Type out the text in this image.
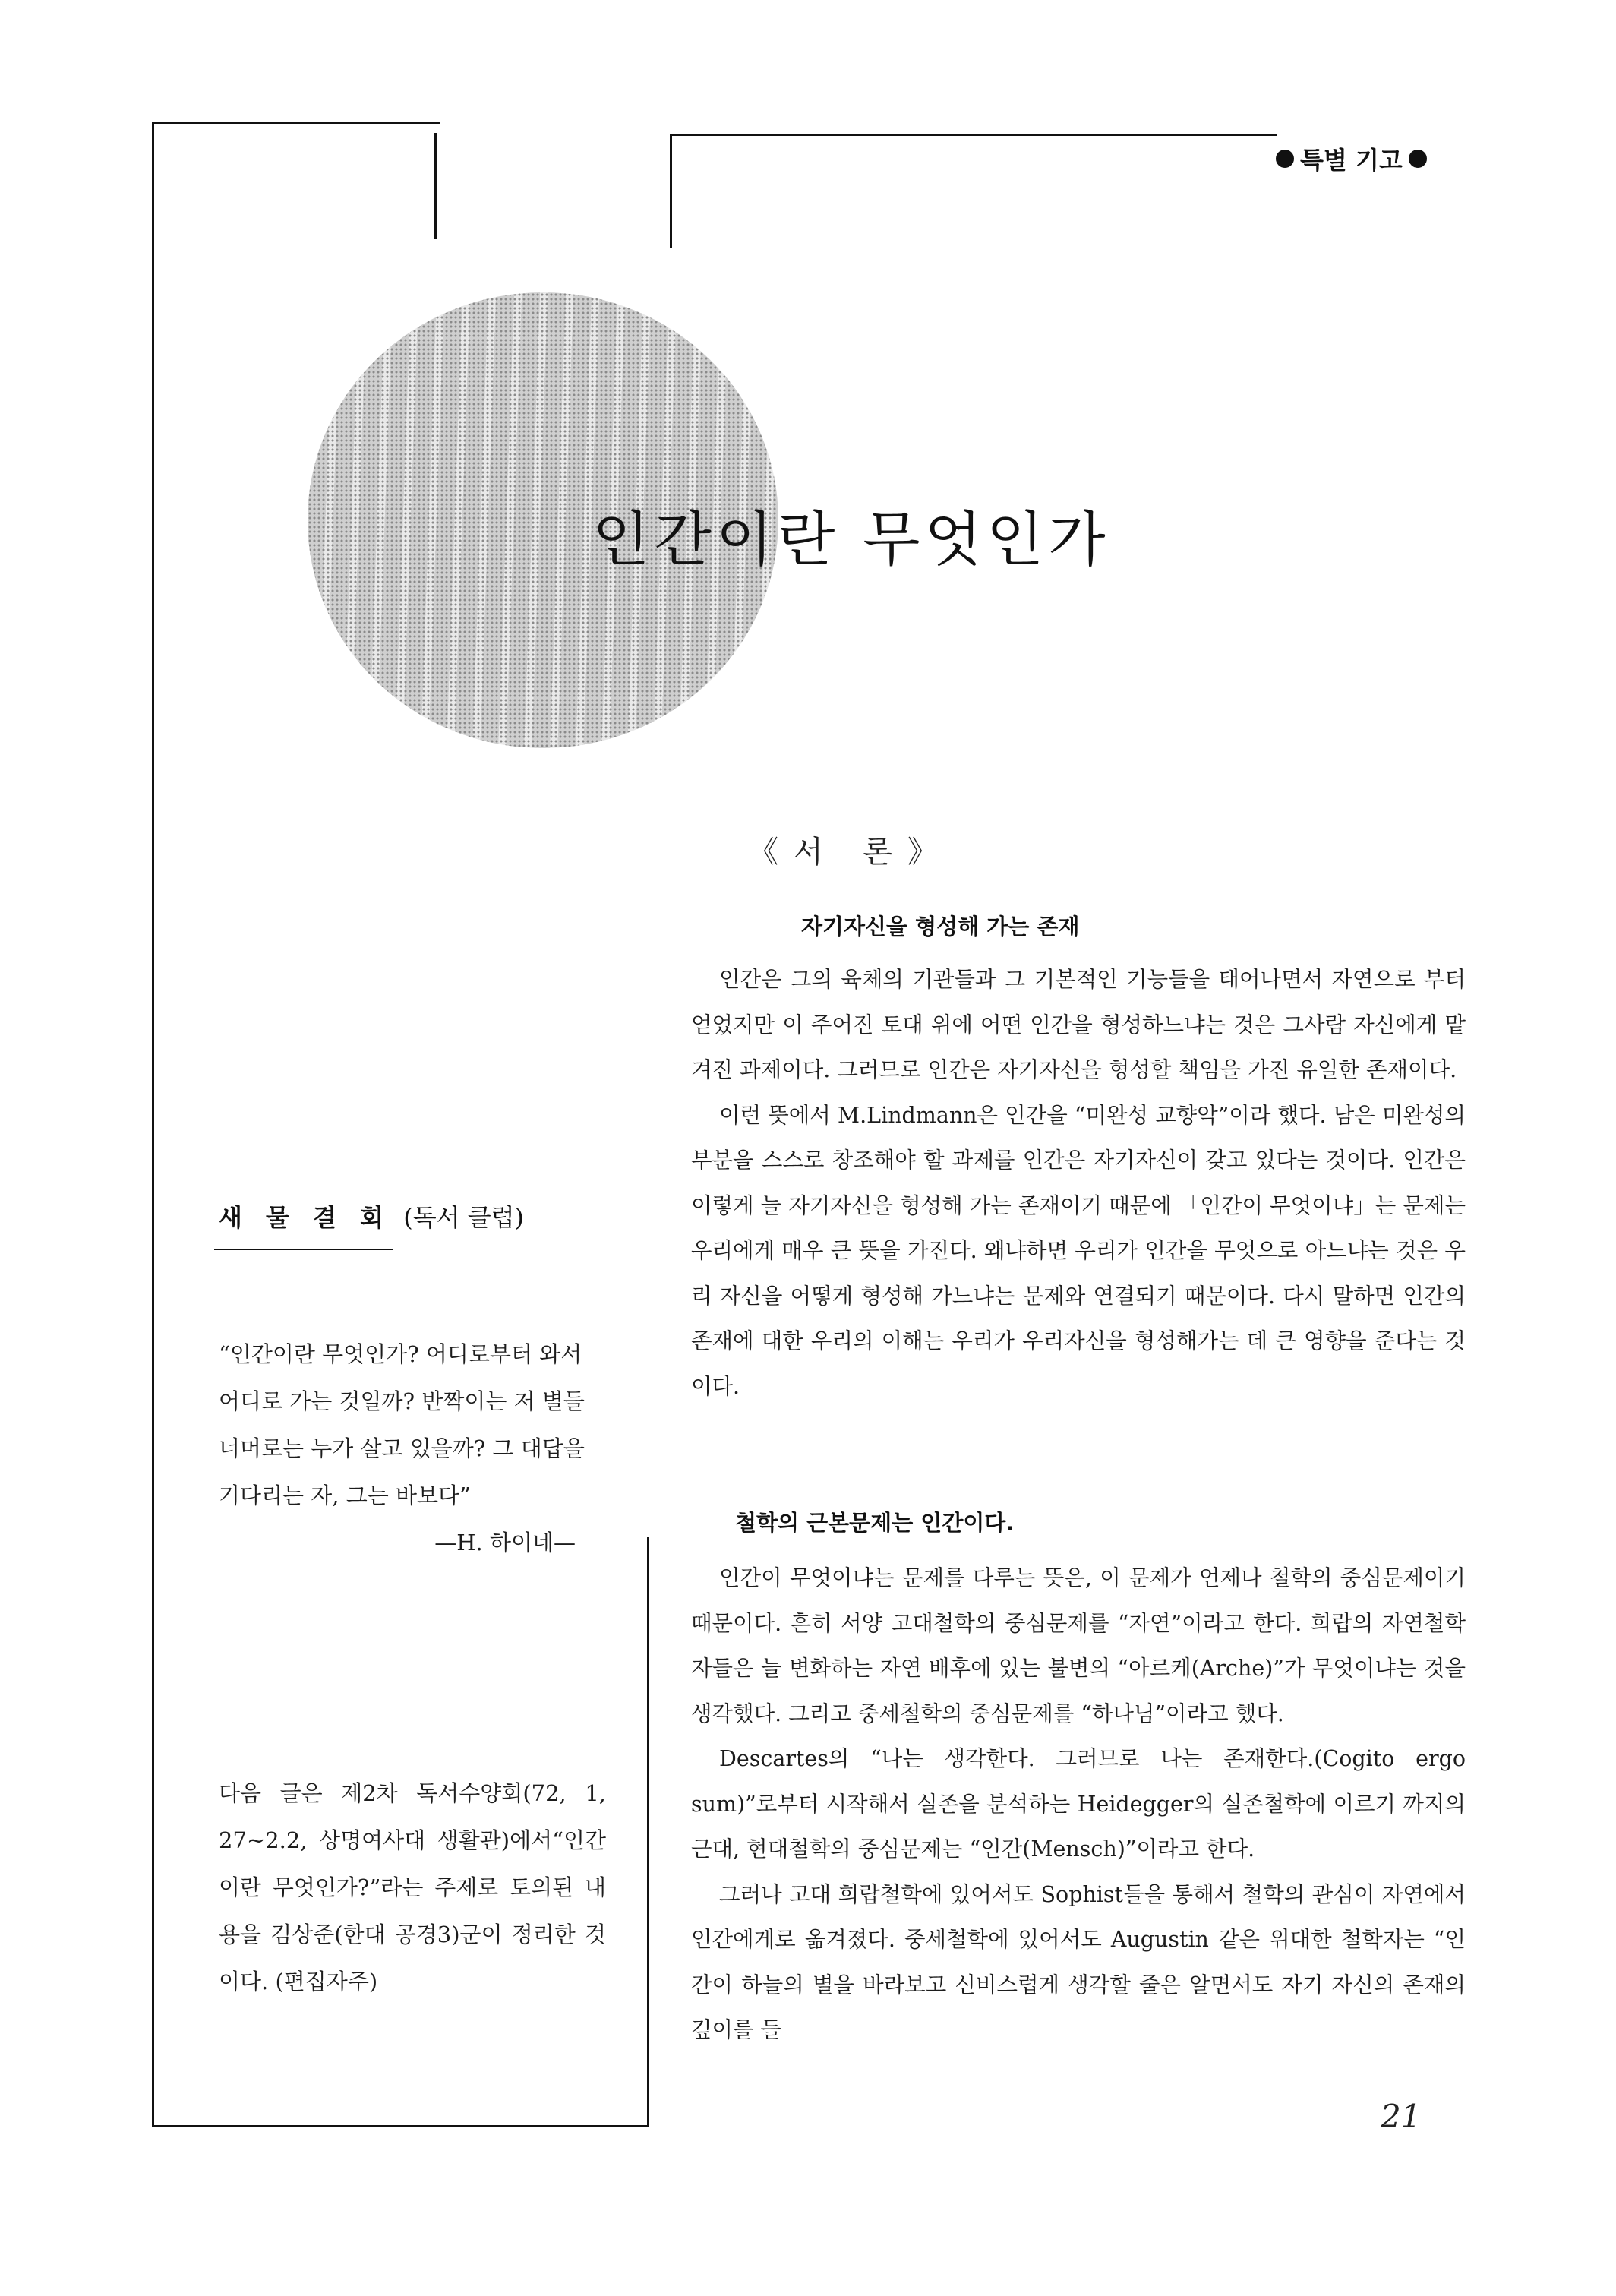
특별 기고
인간이란 무엇인가
새 물 결 회 (독서 클럽)
“인간이란 무엇인가? 어디로부터 와서 어디로 가는 것일까? 반짝이는 저 별들 너머로는 누가 살고 있을까? 그 대답을 기다리는 자, 그는 바보다”
—H. 하이네—
다음 글은 제2차 독서수양회(72, 1, 27~2.2, 상명여사대 생활관)에서“인간이란 무엇인가?”라는 주제로 토의된 내용을 김상준(한대 공경3)군이 정리한 것이다. (편집자주)
《서 론》
자기자신을 형성해 가는 존재

인간은 그의 육체의 기관들과 그 기본적인 기능들을 태어나면서 자연으로 부터 얻었지만 이 주어진 토대 위에 어떤 인간을 형성하느냐는 것은 그사람 자신에게 맡겨진 과제이다. 그러므로 인간은 자기자신을 형성할 책임을 가진 유일한 존재이다.

이런 뜻에서 M.Lindmann은 인간을 “미완성 교향악”이라 했다. 남은 미완성의 부분을 스스로 창조해야 할 과제를 인간은 자기자신이 갖고 있다는 것이다. 인간은 이렇게 늘 자기자신을 형성해 가는 존재이기 때문에 「인간이 무엇이냐」는 문제는 우리에게 매우 큰 뜻을 가진다. 왜냐하면 우리가 인간을 무엇으로 아느냐는 것은 우리 자신을 어떻게 형성해 가느냐는 문제와 연결되기 때문이다. 다시 말하면 인간의 존재에 대한 우리의 이해는 우리가 우리자신을 형성해가는 데 큰 영향을 준다는 것이다.

철학의 근본문제는 인간이다.

인간이 무엇이냐는 문제를 다루는 뜻은, 이 문제가 언제나 철학의 중심문제이기 때문이다. 흔히 서양 고대철학의 중심문제를 “자연”이라고 한다. 희랍의 자연철학자들은 늘 변화하는 자연 배후에 있는 불변의 “아르케(Arche)”가 무엇이냐는 것을 생각했다. 그리고 중세철학의 중심문제를 “하나님”이라고 했다.

Descartes의 “나는 생각한다. 그러므로 나는 존재한다.(Cogito ergo sum)”로부터 시작해서 실존을 분석하는 Heidegger의 실존철학에 이르기 까지의 근대, 현대철학의 중심문제는 “인간(Mensch)”이라고 한다.

그러나 고대 희랍철학에 있어서도 Sophist들을 통해서 철학의 관심이 자연에서 인간에게로 옮겨졌다. 중세철학에 있어서도 Augustin 같은 위대한 철학자는 “인간이 하늘의 별을 바라보고 신비스럽게 생각할 줄은 알면서도 자기 자신의 존재의 깊이를 들

21
